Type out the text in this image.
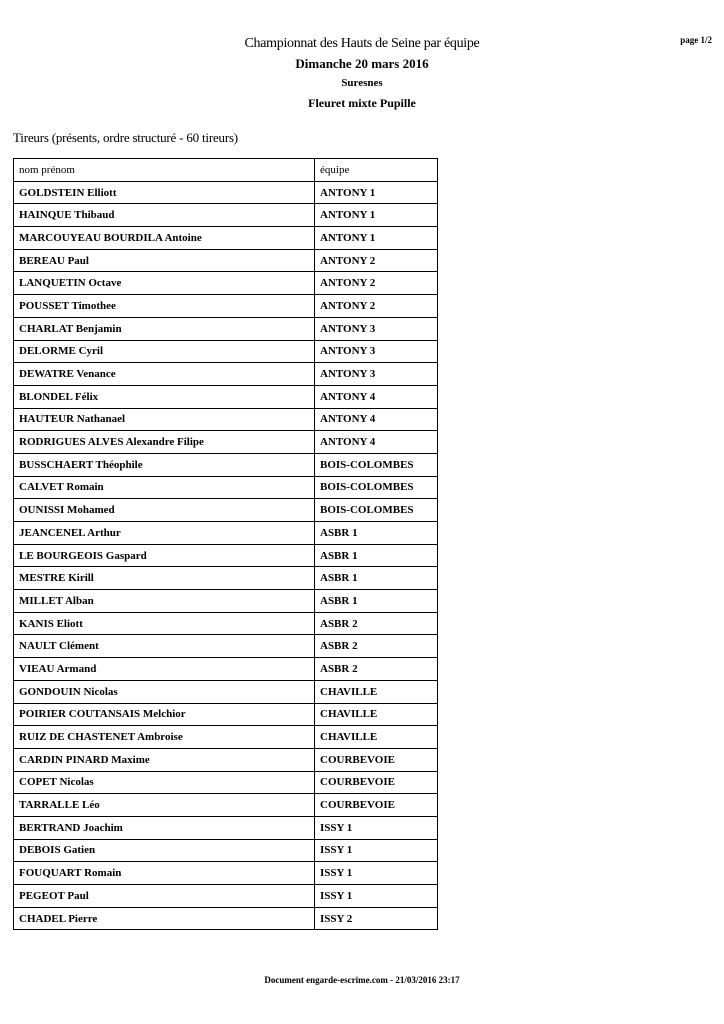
page 1/2
Championnat des Hauts de Seine par équipe
Dimanche 20 mars 2016
Suresnes
Fleuret mixte Pupille
Tireurs (présents, ordre structuré - 60 tireurs)
nom prénom	équipe
GOLDSTEIN Elliott	ANTONY 1
HAINQUE Thibaud	ANTONY 1
MARCOUYEAU BOURDILA Antoine	ANTONY 1
BEREAU Paul	ANTONY 2
LANQUETIN Octave	ANTONY 2
POUSSET Timothee	ANTONY 2
CHARLAT Benjamin	ANTONY 3
DELORME Cyril	ANTONY 3
DEWATRE Venance	ANTONY 3
BLONDEL Félix	ANTONY 4
HAUTEUR Nathanael	ANTONY 4
RODRIGUES ALVES Alexandre Filipe	ANTONY 4
BUSSCHAERT Théophile	BOIS-COLOMBES
CALVET Romain	BOIS-COLOMBES
OUNISSI Mohamed	BOIS-COLOMBES
JEANCENEL Arthur	ASBR 1
LE BOURGEOIS Gaspard	ASBR 1
MESTRE Kirill	ASBR 1
MILLET Alban	ASBR 1
KANIS Eliott	ASBR 2
NAULT Clément	ASBR 2
VIEAU Armand	ASBR 2
GONDOUIN Nicolas	CHAVILLE
POIRIER COUTANSAIS Melchior	CHAVILLE
RUIZ DE CHASTENET Ambroise	CHAVILLE
CARDIN PINARD Maxime	COURBEVOIE
COPET Nicolas	COURBEVOIE
TARRALLE Léo	COURBEVOIE
BERTRAND Joachim	ISSY 1
DEBOIS Gatien	ISSY 1
FOUQUART Romain	ISSY 1
PEGEOT Paul	ISSY 1
CHADEL Pierre	ISSY 2
Document engarde-escrime.com - 21/03/2016 23:17
